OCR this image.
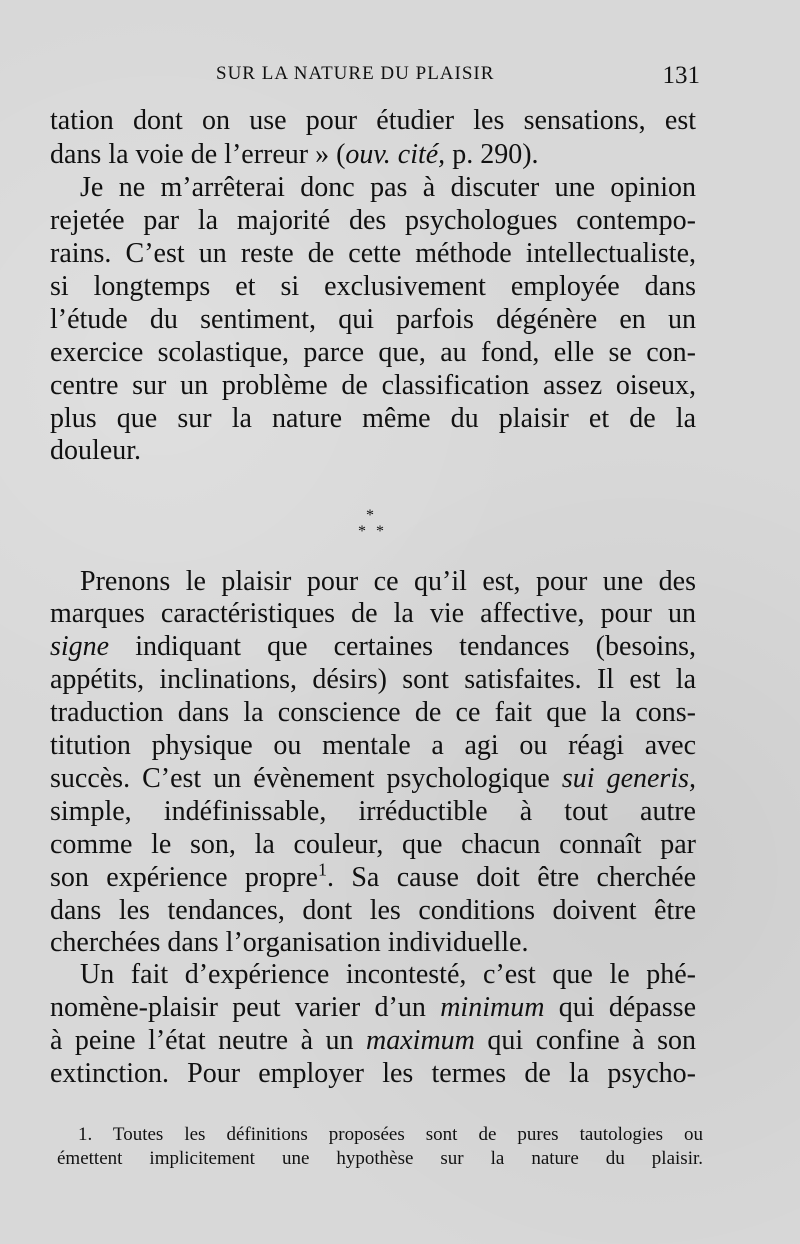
SUR LA NATURE DU PLAISIR	131
tation dont on use pour étudier les sensations, est
dans la voie de l’erreur » (ouv. cité, p. 290).
Je ne m’arrêterai donc pas à discuter une opinion
rejetée par la majorité des psychologues contempo-
rains. C’est un reste de cette méthode intellectualiste,
si longtemps et si exclusivement employée dans
l’étude du sentiment, qui parfois dégénère en un
exercice scolastique, parce que, au fond, elle se con-
centre sur un problème de classification assez oiseux,
plus que sur la nature même du plaisir et de la
douleur.
*
* *
Prenons le plaisir pour ce qu’il est, pour une des
marques caractéristiques de la vie affective, pour un
signe indiquant que certaines tendances (besoins,
appétits, inclinations, désirs) sont satisfaites. Il est la
traduction dans la conscience de ce fait que la cons-
titution physique ou mentale a agi ou réagi avec
succès. C’est un évènement psychologique sui generis,
simple, indéfinissable, irréductible à tout autre
comme le son, la couleur, que chacun connaît par
son expérience propre$^1$. Sa cause doit être cherchée
dans les tendances, dont les conditions doivent être
cherchées dans l’organisation individuelle.
Un fait d’expérience incontesté, c’est que le phé-
nomène-plaisir peut varier d’un minimum qui dépasse
à peine l’état neutre à un maximum qui confine à son
extinction. Pour employer les termes de la psycho-
1. Toutes les définitions proposées sont de pures tautologies ou
émettent implicitement une hypothèse sur la nature du plaisir.
